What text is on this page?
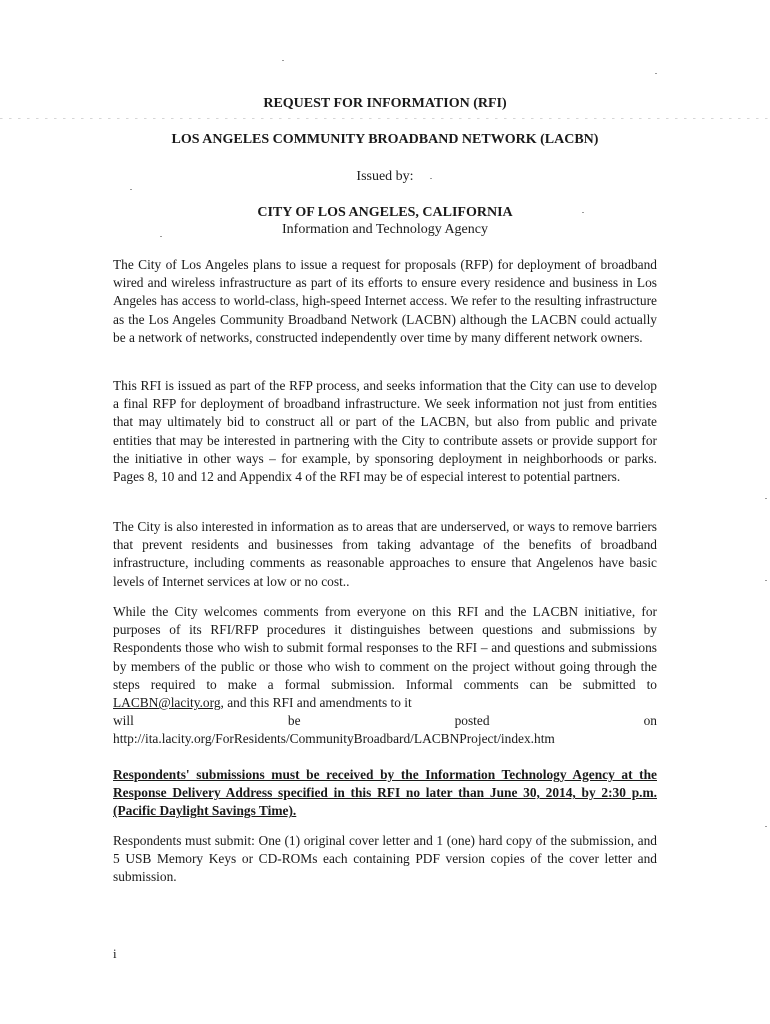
REQUEST FOR INFORMATION (RFI)
LOS ANGELES COMMUNITY BROADBAND NETWORK (LACBN)
Issued by:
CITY OF LOS ANGELES, CALIFORNIA
Information and Technology Agency

The City of Los Angeles plans to issue a request for proposals (RFP) for deployment of broadband wired and wireless infrastructure as part of its efforts to ensure every residence and business in Los Angeles has access to world-class, high-speed Internet access. We refer to the resulting infrastructure as the Los Angeles Community Broadband Network (LACBN) although the LACBN could actually be a network of networks, constructed independently over time by many different network owners.

This RFI is issued as part of the RFP process, and seeks information that the City can use to develop a final RFP for deployment of broadband infrastructure. We seek information not just from entities that may ultimately bid to construct all or part of the LACBN, but also from public and private entities that may be interested in partnering with the City to contribute assets or provide support for the initiative in other ways – for example, by sponsoring deployment in neighborhoods or parks. Pages 8, 10 and 12 and Appendix 4 of the RFI may be of especial interest to potential partners.

The City is also interested in information as to areas that are underserved, or ways to remove barriers that prevent residents and businesses from taking advantage of the benefits of broadband infrastructure, including comments as reasonable approaches to ensure that Angelenos have basic levels of Internet services at low or no cost..

While the City welcomes comments from everyone on this RFI and the LACBN initiative, for purposes of its RFI/RFP procedures it distinguishes between questions and submissions by Respondents those who wish to submit formal responses to the RFI – and questions and submissions by members of the public or those who wish to comment on the project without going through the steps required to make a formal submission. Informal comments can be submitted to LACBN@lacity.org, and this RFI and amendments to it
will	be	posted	on
http://ita.lacity.org/ForResidents/CommunityBroadbard/LACBNProject/index.htm

Respondents' submissions must be received by the Information Technology Agency at the Response Delivery Address specified in this RFI no later than June 30, 2014, by 2:30 p.m. (Pacific Daylight Savings Time).

Respondents must submit: One (1) original cover letter and 1 (one) hard copy of the submission, and 5 USB Memory Keys or CD-ROMs each containing PDF version copies of the cover letter and submission.

i
